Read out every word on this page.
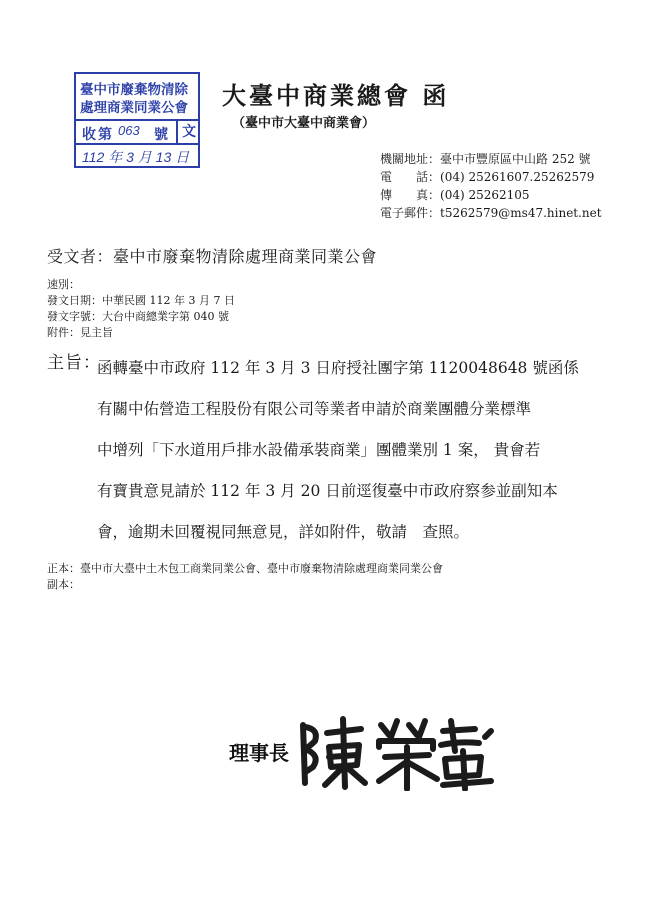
臺中市廢棄物清除
處理商業同業公會
收 第 063 號	文
112 年 3 月 13 日
大臺中商業總會 函
（臺中市大臺中商業會）
機關地址：臺中市豐原區中山路 252 號
電　　話：(04) 25261607.25262579
傳　　真：(04) 25262105
電子郵件：t5262579@ms47.hinet.net
受文者：臺中市廢棄物清除處理商業同業公會
速別：
發文日期：中華民國 112 年 3 月 7 日
發文字號：大台中商總業字第 040 號
附件：見主旨
主旨：
函轉臺中市政府 112 年 3 月 3 日府授社團字第 1120048648 號函係
有關中佑營造工程股份有限公司等業者申請於商業團體分業標準
中增列「下水道用戶排水設備承裝商業」團體業別 1 案， 貴會若
有寶貴意見請於 112 年 3 月 20 日前逕復臺中市政府察参並副知本
會，逾期未回覆視同無意見，詳如附件，敬請　查照。
正本：臺中市大臺中土木包工商業同業公會、臺中市廢棄物清除處理商業同業公會
副本：
理事長
